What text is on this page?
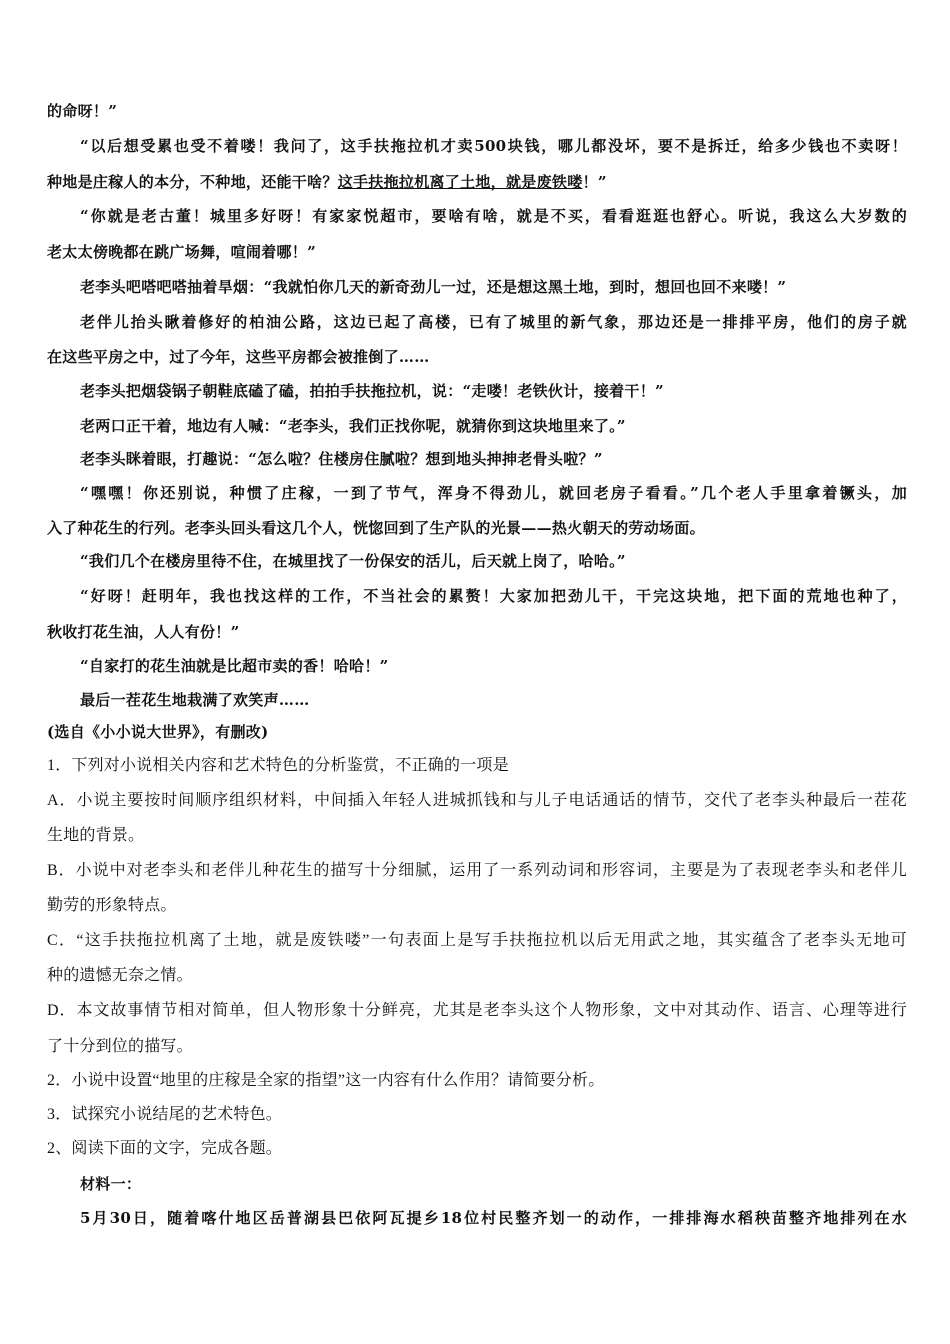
的命呀！”
“以后想受累也受不着喽！我问了，这手扶拖拉机才卖500块钱，哪儿都没坏，要不是拆迁，给多少钱也不卖呀！
种地是庄稼人的本分，不种地，还能干啥？这手扶拖拉机离了土地，就是废铁喽！”
“你就是老古董！城里多好呀！有家家悦超市，要啥有啥，就是不买，看看逛逛也舒心。听说，我这么大岁数的
老太太傍晚都在跳广场舞，喧闹着哪！”
老李头吧嗒吧嗒抽着旱烟：“我就怕你几天的新奇劲儿一过，还是想这黑土地，到时，想回也回不来喽！”
老伴儿抬头瞅着修好的柏油公路，这边已起了高楼，已有了城里的新气象，那边还是一排排平房，他们的房子就
在这些平房之中，过了今年，这些平房都会被推倒了……
老李头把烟袋锅子朝鞋底磕了磕，拍拍手扶拖拉机，说：“走喽！老铁伙计，接着干！”
老两口正干着，地边有人喊：“老李头，我们正找你呢，就猜你到这块地里来了。”
老李头眯着眼，打趣说：“怎么啦？住楼房住腻啦？想到地头抻抻老骨头啦？”
“嘿嘿！你还别说，种惯了庄稼，一到了节气，浑身不得劲儿，就回老房子看看。”几个老人手里拿着镢头，加
入了种花生的行列。老李头回头看这几个人，恍惚回到了生产队的光景——热火朝天的劳动场面。
“我们几个在楼房里待不住，在城里找了一份保安的活儿，后天就上岗了，哈哈。”
“好呀！赶明年，我也找这样的工作，不当社会的累赘！大家加把劲儿干，干完这块地，把下面的荒地也种了，
秋收打花生油，人人有份！”
“自家打的花生油就是比超市卖的香！哈哈！”
最后一茬花生地栽满了欢笑声……
(选自《小小说大世界》，有删改)
1．下列对小说相关内容和艺术特色的分析鉴赏，不正确的一项是
A．小说主要按时间顺序组织材料，中间插入年轻人进城抓钱和与儿子电话通话的情节，交代了老李头种最后一茬花
生地的背景。
B．小说中对老李头和老伴儿种花生的描写十分细腻，运用了一系列动词和形容词，主要是为了表现老李头和老伴儿
勤劳的形象特点。
C．“这手扶拖拉机离了土地，就是废铁喽”一句表面上是写手扶拖拉机以后无用武之地，其实蕴含了老李头无地可
种的遗憾无奈之情。
D．本文故事情节相对简单，但人物形象十分鲜亮，尤其是老李头这个人物形象，文中对其动作、语言、心理等进行
了十分到位的描写。
2．小说中设置“地里的庄稼是全家的指望”这一内容有什么作用？请简要分析。
3．试探究小说结尾的艺术特色。
2、阅读下面的文字，完成各题。
材料一：
5月30日，随着喀什地区岳普湖县巴依阿瓦提乡18位村民整齐划一的动作，一排排海水稻秧苗整齐地排列在水
